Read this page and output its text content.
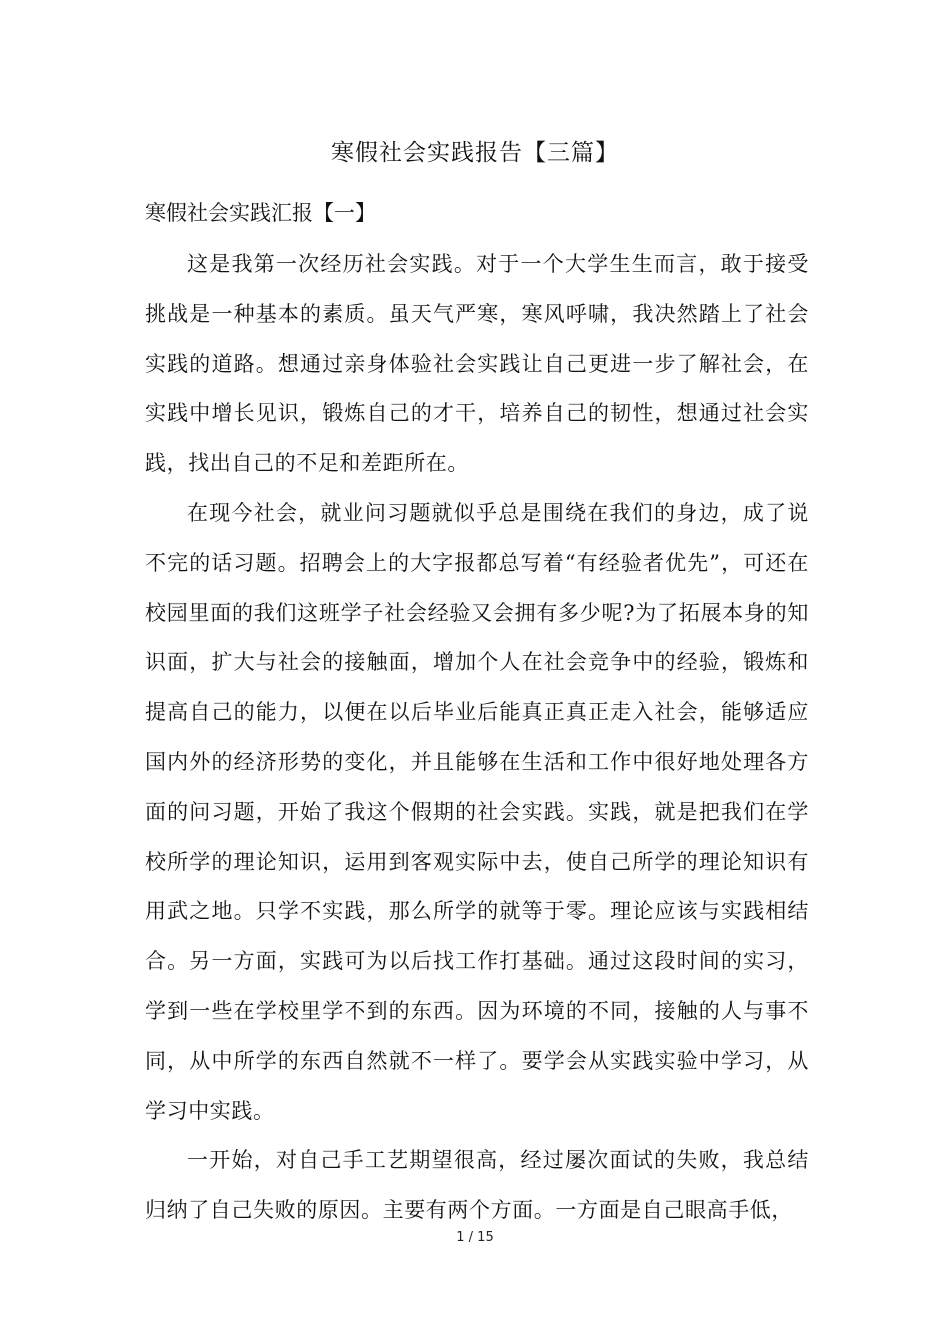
寒假社会实践报告【三篇】
寒假社会实践汇报【一】

这是我第一次经历社会实践。对于一个大学生生而言，敢于接受挑战是一种基本的素质。虽天气严寒，寒风呼啸，我决然踏上了社会实践的道路。想通过亲身体验社会实践让自己更进一步了解社会，在实践中增长见识，锻炼自己的才干，培养自己的韧性，想通过社会实践，找出自己的不足和差距所在。

在现今社会，就业问习题就似乎总是围绕在我们的身边，成了说不完的话习题。招聘会上的大字报都总写着“有经验者优先”，可还在校园里面的我们这班学子社会经验又会拥有多少呢?为了拓展本身的知识面，扩大与社会的接触面，增加个人在社会竞争中的经验，锻炼和提高自己的能力，以便在以后毕业后能真正真正走入社会，能够适应国内外的经济形势的变化，并且能够在生活和工作中很好地处理各方面的问习题，开始了我这个假期的社会实践。实践，就是把我们在学校所学的理论知识，运用到客观实际中去，使自己所学的理论知识有用武之地。只学不实践，那么所学的就等于零。理论应该与实践相结合。另一方面，实践可为以后找工作打基础。通过这段时间的实习，学到一些在学校里学不到的东西。因为环境的不同，接触的人与事不同，从中所学的东西自然就不一样了。要学会从实践实验中学习，从学习中实践。

一开始，对自己手工艺期望很高，经过屡次面试的失败，我总结归纳了自己失败的原因。主要有两个方面。一方面是自己眼高手低，

1 / 15
